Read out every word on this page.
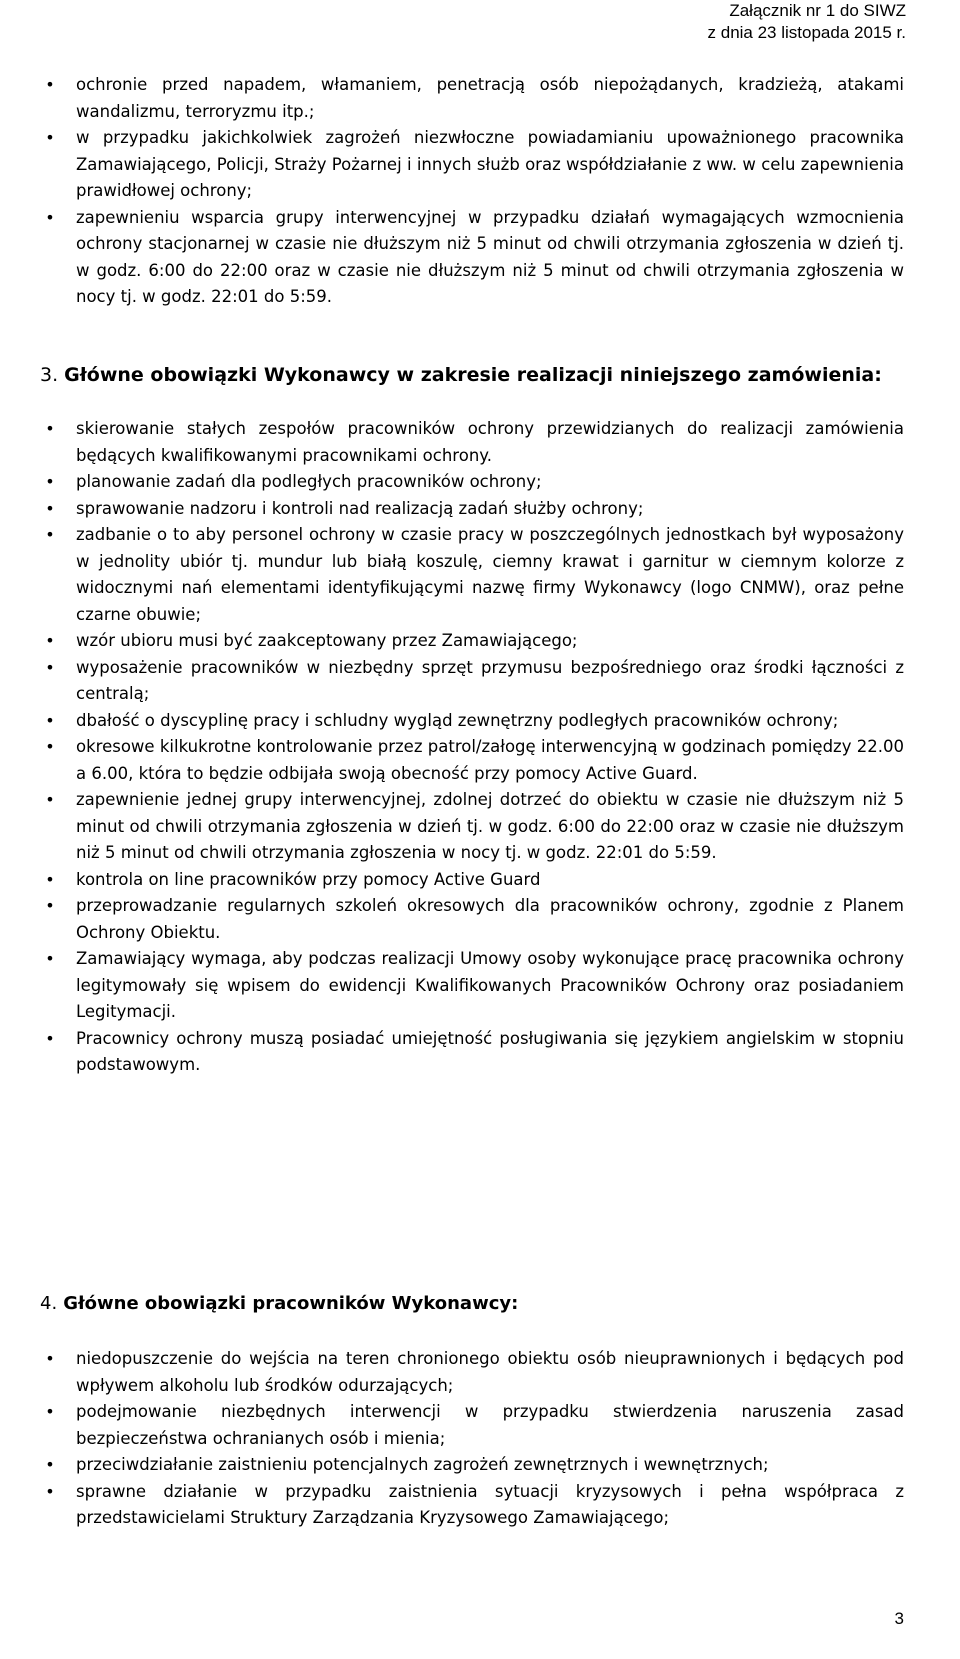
Załącznik nr 1 do SIWZ
z dnia 23 listopada 2015 r.
•	ochronie przed napadem, włamaniem, penetracją osób niepożądanych, kradzieżą, atakami wandalizmu, terroryzmu itp.;
•	w przypadku jakichkolwiek zagrożeń niezwłoczne powiadamianiu upoważnionego pracownika Zamawiającego, Policji, Straży Pożarnej i innych służb oraz współdziałanie z ww. w celu zapewnienia prawidłowej ochrony;
•	zapewnieniu wsparcia grupy interwencyjnej w przypadku działań wymagających wzmocnienia ochrony stacjonarnej w czasie nie dłuższym niż 5 minut od chwili otrzymania zgłoszenia w dzień tj. w godz. 6:00 do 22:00 oraz w czasie nie dłuższym niż 5 minut od chwili otrzymania zgłoszenia w nocy tj. w godz. 22:01 do 5:59.
3. Główne obowiązki Wykonawcy w zakresie realizacji niniejszego zamówienia:
•	skierowanie stałych zespołów pracowników ochrony przewidzianych do realizacji zamówienia będących kwalifikowanymi pracownikami ochrony.
•	planowanie zadań dla podległych pracowników ochrony;
•	sprawowanie nadzoru i kontroli nad realizacją zadań służby ochrony;
•	zadbanie o to aby personel ochrony w czasie pracy w poszczególnych jednostkach był wyposażony w jednolity ubiór tj. mundur lub białą koszulę, ciemny krawat i garnitur w ciemnym kolorze z widocznymi nań elementami identyfikującymi nazwę firmy Wykonawcy (logo CNMW), oraz pełne czarne obuwie;
•	wzór ubioru musi być zaakceptowany przez Zamawiającego;
•	wyposażenie pracowników w niezbędny sprzęt przymusu bezpośredniego oraz środki łączności z centralą;
•	dbałość o dyscyplinę pracy i schludny wygląd zewnętrzny podległych pracowników ochrony;
•	okresowe kilkukrotne kontrolowanie przez patrol/załogę interwencyjną w godzinach pomiędzy 22.00 a 6.00, która to będzie odbijała swoją obecność przy pomocy Active Guard.
•	zapewnienie jednej grupy interwencyjnej, zdolnej dotrzeć do obiektu w czasie nie dłuższym niż 5 minut od chwili otrzymania zgłoszenia w dzień tj. w godz. 6:00 do 22:00 oraz w czasie nie dłuższym niż 5 minut od chwili otrzymania zgłoszenia w nocy tj. w godz. 22:01 do 5:59.
•	kontrola on line pracowników przy pomocy Active Guard
•	przeprowadzanie regularnych szkoleń okresowych dla pracowników ochrony, zgodnie z Planem Ochrony Obiektu.
•	Zamawiający wymaga, aby podczas realizacji Umowy osoby wykonujące pracę pracownika ochrony legitymowały się wpisem do ewidencji Kwalifikowanych Pracowników Ochrony oraz posiadaniem Legitymacji.
•	Pracownicy ochrony muszą posiadać umiejętność posługiwania się językiem angielskim w stopniu podstawowym.
4. Główne obowiązki pracowników Wykonawcy:
•	niedopuszczenie do wejścia na teren chronionego obiektu osób nieuprawnionych i będących pod wpływem alkoholu lub środków odurzających;
•	podejmowanie niezbędnych interwencji w przypadku stwierdzenia naruszenia zasad bezpieczeństwa ochranianych osób i mienia;
•	przeciwdziałanie zaistnieniu potencjalnych zagrożeń zewnętrznych i wewnętrznych;
•	sprawne działanie w przypadku zaistnienia sytuacji kryzysowych i pełna współpraca z przedstawicielami Struktury Zarządzania Kryzysowego Zamawiającego;
3
